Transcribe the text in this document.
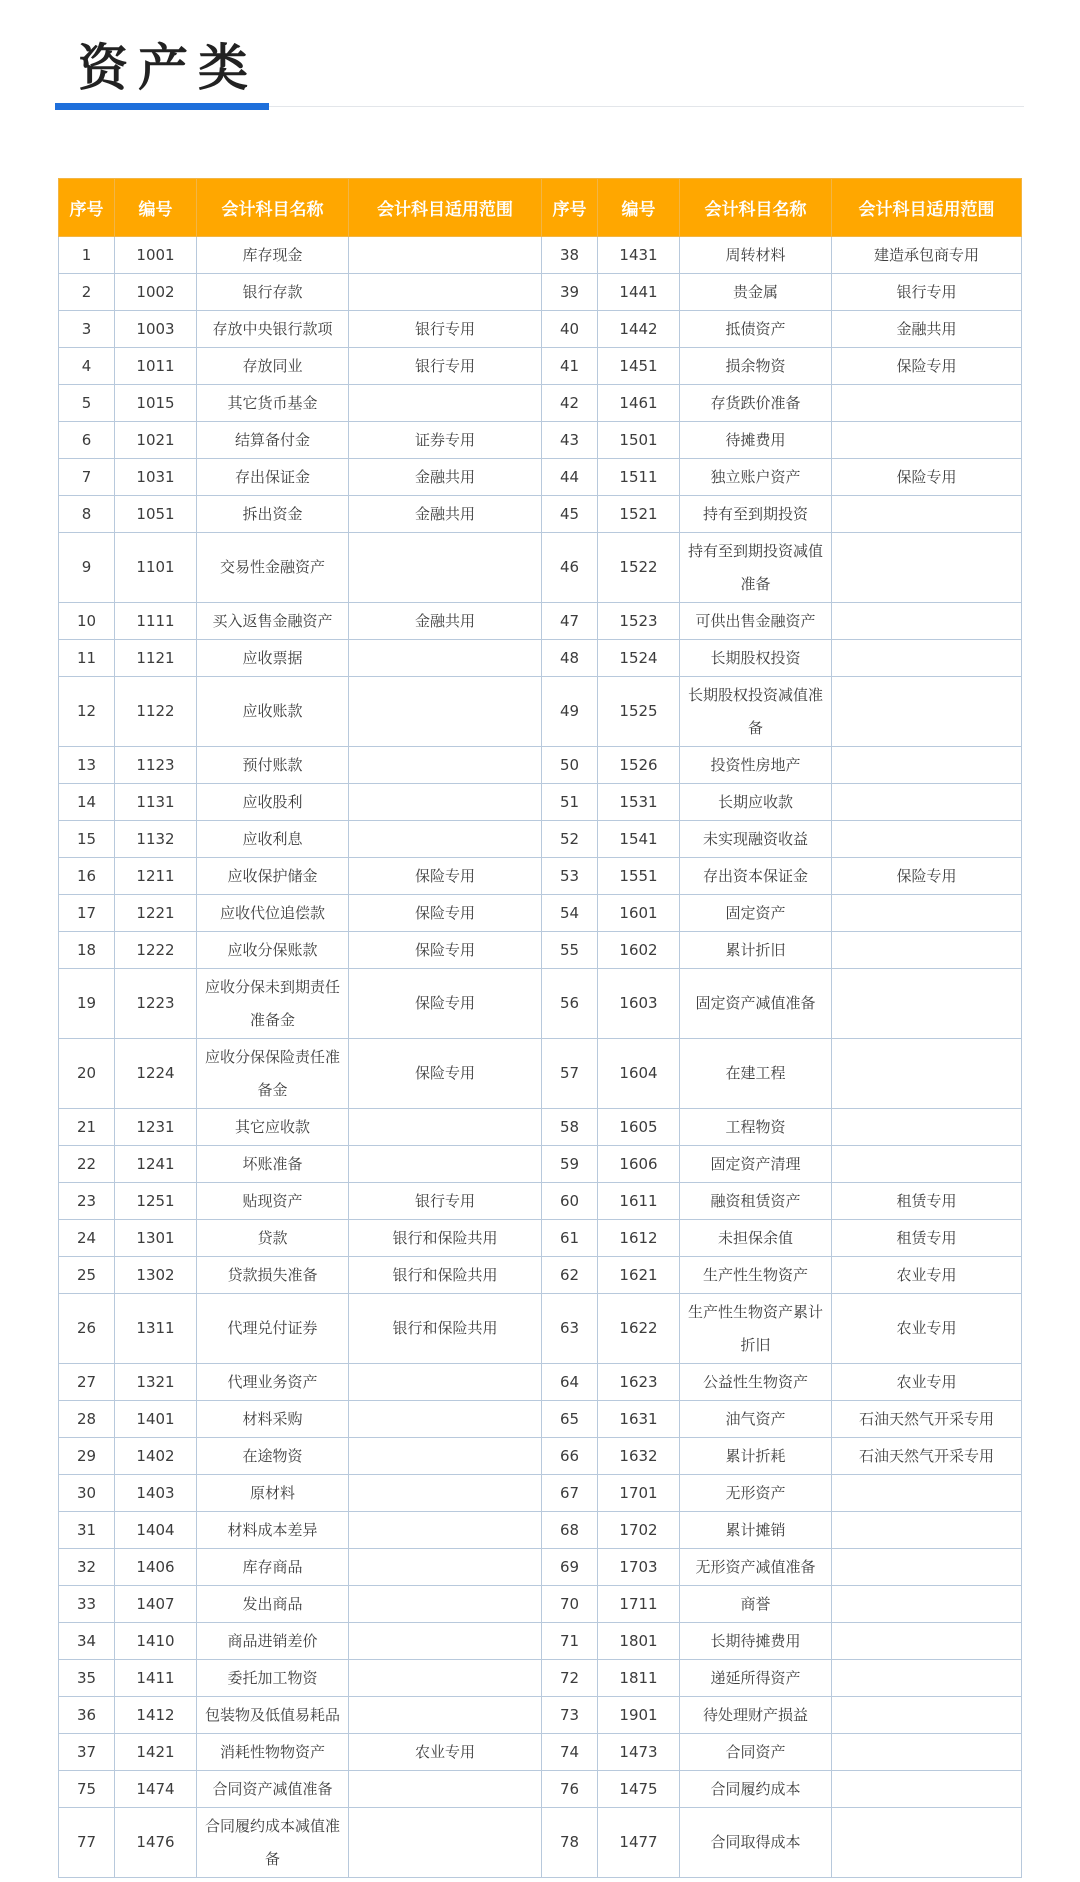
资产类
序号	编号	会计科目名称	会计科目适用范围	序号	编号	会计科目名称	会计科目适用范围
1	1001	库存现金		38	1431	周转材料	建造承包商专用
2	1002	银行存款		39	1441	贵金属	银行专用
3	1003	存放中央银行款项	银行专用	40	1442	抵债资产	金融共用
4	1011	存放同业	银行专用	41	1451	损余物资	保险专用
5	1015	其它货币基金		42	1461	存货跌价准备	
6	1021	结算备付金	证券专用	43	1501	待摊费用	
7	1031	存出保证金	金融共用	44	1511	独立账户资产	保险专用
8	1051	拆出资金	金融共用	45	1521	持有至到期投资	
9	1101	交易性金融资产		46	1522	持有至到期投资减值准备	
10	1111	买入返售金融资产	金融共用	47	1523	可供出售金融资产	
11	1121	应收票据		48	1524	长期股权投资	
12	1122	应收账款		49	1525	长期股权投资减值准备	
13	1123	预付账款		50	1526	投资性房地产	
14	1131	应收股利		51	1531	长期应收款	
15	1132	应收利息		52	1541	未实现融资收益	
16	1211	应收保护储金	保险专用	53	1551	存出资本保证金	保险专用
17	1221	应收代位追偿款	保险专用	54	1601	固定资产	
18	1222	应收分保账款	保险专用	55	1602	累计折旧	
19	1223	应收分保未到期责任准备金	保险专用	56	1603	固定资产减值准备	
20	1224	应收分保保险责任准备金	保险专用	57	1604	在建工程	
21	1231	其它应收款		58	1605	工程物资	
22	1241	坏账准备		59	1606	固定资产清理	
23	1251	贴现资产	银行专用	60	1611	融资租赁资产	租赁专用
24	1301	贷款	银行和保险共用	61	1612	未担保余值	租赁专用
25	1302	贷款损失准备	银行和保险共用	62	1621	生产性生物资产	农业专用
26	1311	代理兑付证券	银行和保险共用	63	1622	生产性生物资产累计折旧	农业专用
27	1321	代理业务资产		64	1623	公益性生物资产	农业专用
28	1401	材料采购		65	1631	油气资产	石油天然气开采专用
29	1402	在途物资		66	1632	累计折耗	石油天然气开采专用
30	1403	原材料		67	1701	无形资产	
31	1404	材料成本差异		68	1702	累计摊销	
32	1406	库存商品		69	1703	无形资产减值准备	
33	1407	发出商品		70	1711	商誉	
34	1410	商品进销差价		71	1801	长期待摊费用	
35	1411	委托加工物资		72	1811	递延所得资产	
36	1412	包装物及低值易耗品		73	1901	待处理财产损益	
37	1421	消耗性物物资产	农业专用	74	1473	合同资产	
75	1474	合同资产减值准备		76	1475	合同履约成本	
77	1476	合同履约成本减值准备		78	1477	合同取得成本	
